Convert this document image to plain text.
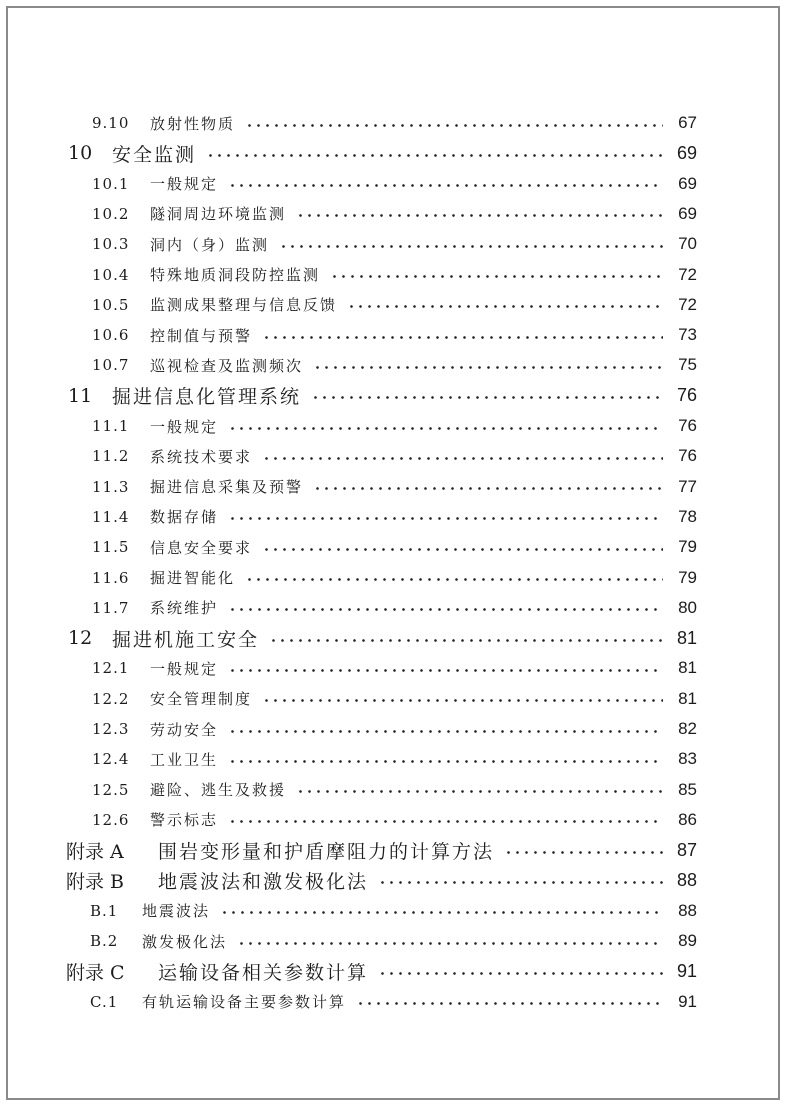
9.10	放射性物质	67
10	安全监测	69
10.1	一般规定	69
10.2	隧洞周边环境监测	69
10.3	洞内（身）监测	70
10.4	特殊地质洞段防控监测	72
10.5	监测成果整理与信息反馈	72
10.6	控制值与预警	73
10.7	巡视检查及监测频次	75
11	掘进信息化管理系统	76
11.1	一般规定	76
11.2	系统技术要求	76
11.3	掘进信息采集及预警	77
11.4	数据存储	78
11.5	信息安全要求	79
11.6	掘进智能化	79
11.7	系统维护	80
12	掘进机施工安全	81
12.1	一般规定	81
12.2	安全管理制度	81
12.3	劳动安全	82
12.4	工业卫生	83
12.5	避险、逃生及救援	85
12.6	警示标志	86
附录 A	围岩变形量和护盾摩阻力的计算方法	87
附录 B	地震波法和激发极化法	88
B.1	地震波法	88
B.2	激发极化法	89
附录 C	运输设备相关参数计算	91
C.1	有轨运输设备主要参数计算	91
